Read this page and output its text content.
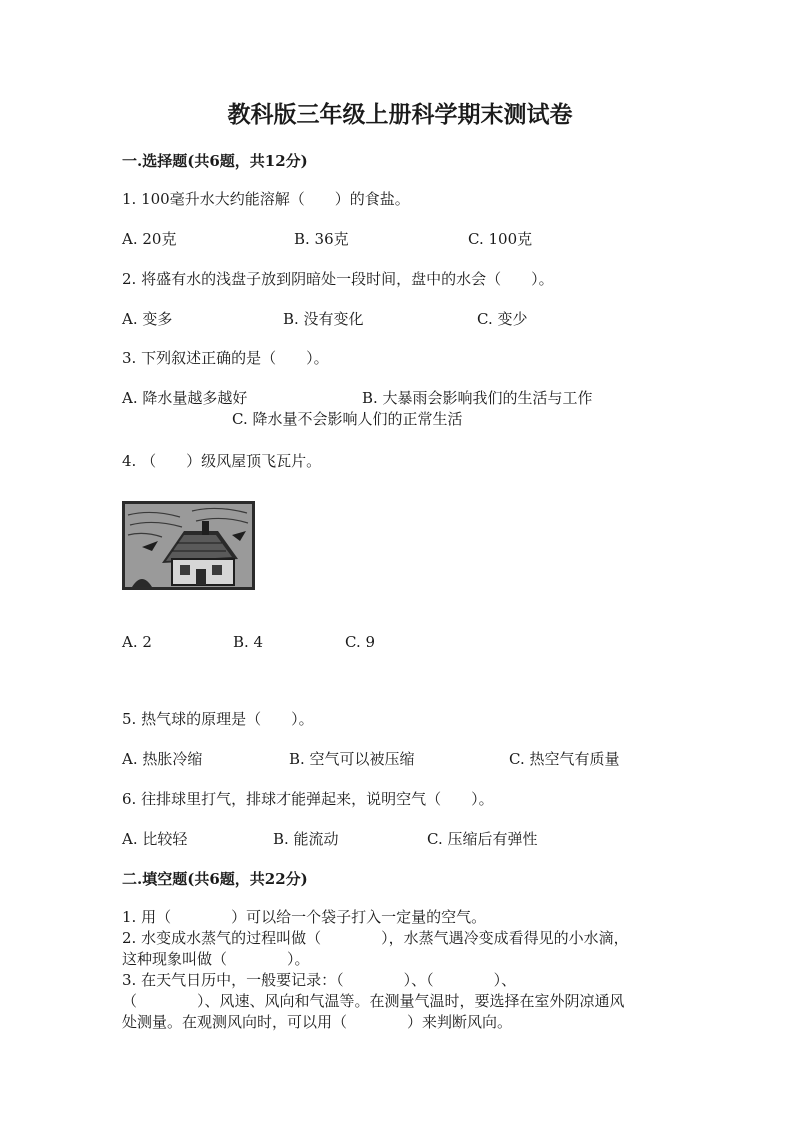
教科版三年级上册科学期末测试卷
一.选择题(共6题，共12分)
1. 100毫升水大约能溶解（　　）的食盐。
A. 20克	B. 36克	C. 100克
2. 将盛有水的浅盘子放到阴暗处一段时间，盘中的水会（　　）。
A. 变多	B. 没有变化	C. 变少
3. 下列叙述正确的是（　　）。
A. 降水量越多越好	B. 大暴雨会影响我们的生活与工作
C. 降水量不会影响人们的正常生活
4. （　　）级风屋顶飞瓦片。
A. 2	B. 4	C. 9
5. 热气球的原理是（　　）。
A. 热胀冷缩	B. 空气可以被压缩	C. 热空气有质量
6. 往排球里打气，排球才能弹起来，说明空气（　　）。
A. 比较轻	B. 能流动	C. 压缩后有弹性
二.填空题(共6题，共22分)
1. 用（　　　　）可以给一个袋子打入一定量的空气。
2. 水变成水蒸气的过程叫做（　　　　），水蒸气遇冷变成看得见的小水滴，
这种现象叫做（　　　　）。
3. 在天气日历中，一般要记录：（　　　　）、（　　　　）、
（　　　　）、风速、风向和气温等。在测量气温时，要选择在室外阴凉通风
处测量。在观测风向时，可以用（　　　　）来判断风向。
